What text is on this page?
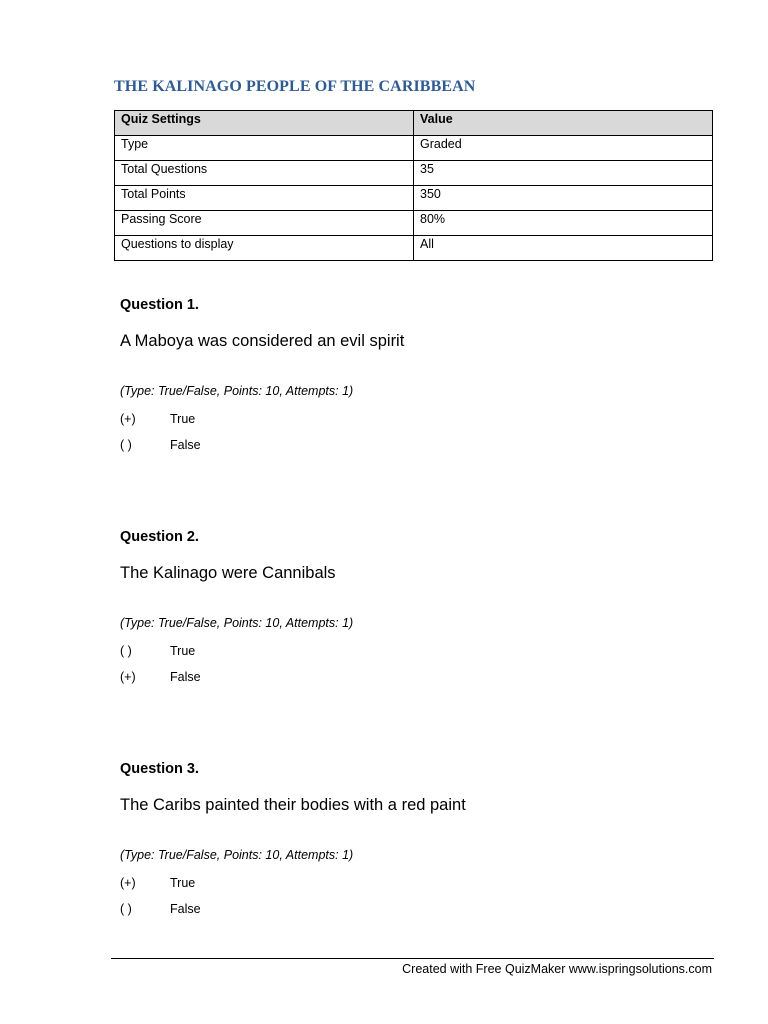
THE KALINAGO PEOPLE OF THE CARIBBEAN
Quiz Settings	Value
Type	Graded
Total Questions	35
Total Points	350
Passing Score	80%
Questions to display	All
Question 1.
A Maboya was considered an evil spirit
(Type: True/False, Points: 10, Attempts: 1)
(+)	True
( )	False
Question 2.
The Kalinago were Cannibals
(Type: True/False, Points: 10, Attempts: 1)
( )	True
(+)	False
Question 3.
The Caribs painted their bodies with a red paint
(Type: True/False, Points: 10, Attempts: 1)
(+)	True
( )	False
Created with Free QuizMaker www.ispringsolutions.com
